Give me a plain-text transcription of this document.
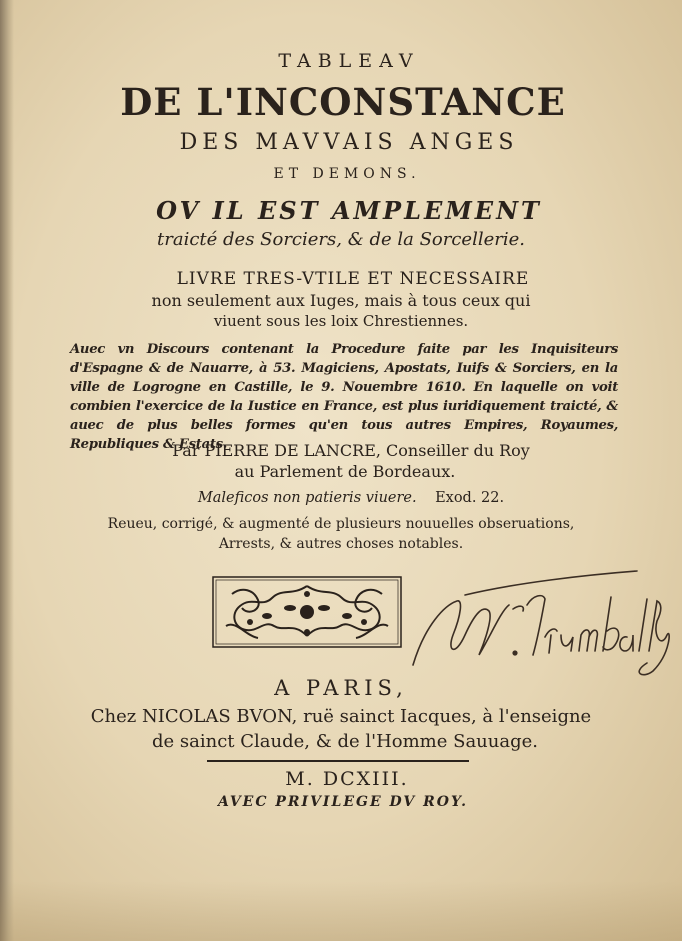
TABLEAV
DE L'INCONSTANCE
DES MAVVAIS ANGES
ET DEMONS.
OV IL EST AMPLEMENT
traicté des Sorciers, & de la Sorcellerie.
LIVRE TRES-VTILE ET NECESSAIRE
non seulement aux Iuges, mais à tous ceux qui
viuent sous les loix Chrestiennes.
Auec vn Discours contenant la Procedure faite par les Inquisiteurs d'Espagne & de Nauarre, à 53. Magiciens, Apostats, Iuifs & Sorciers, en la ville de Logrogne en Castille, le 9. Nouembre 1610. En laquelle on voit combien l'exercice de la Iustice en France, est plus iuridiquement traicté, & auec de plus belles formes qu'en tous autres Empires, Royaumes, Republiques & Estats.
Par PIERRE DE LANCRE, Conseiller du Roy
au Parlement de Bordeaux.
Maleficos non patieris viuere. Exod. 22.
Reueu, corrigé, & augmenté de plusieurs nouuelles obseruations,
Arrests, & autres choses notables.
A PARIS,
Chez NICOLAS BVON, ruë sainct Iacques, à l'enseigne
de sainct Claude, & de l'Homme Sauuage.
M. DCXIII.
AVEC PRIVILEGE DV ROY.
